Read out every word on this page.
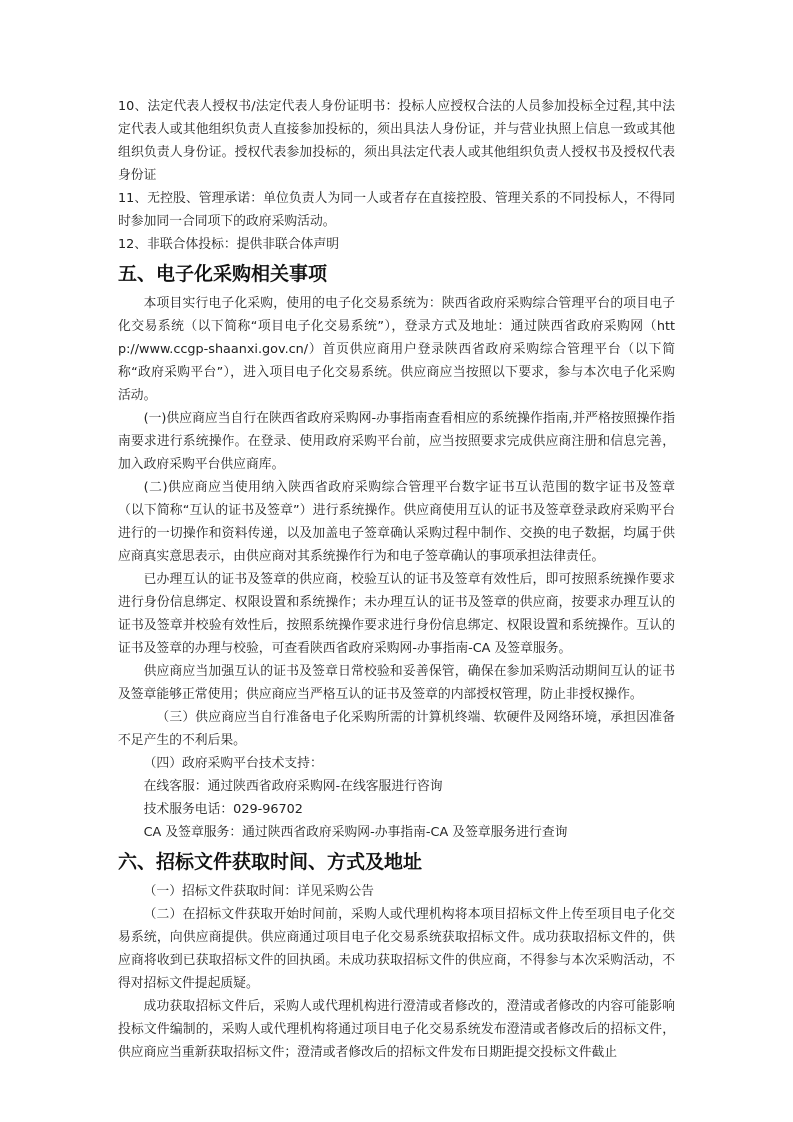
10、法定代表人授权书/法定代表人身份证明书：投标人应授权合法的人员参加投标全过程,其中法定代表人或其他组织负责人直接参加投标的，须出具法人身份证，并与营业执照上信息一致或其他组织负责人身份证。授权代表参加投标的，须出具法定代表人或其他组织负责人授权书及授权代表身份证

11、无控股、管理承诺：单位负责人为同一人或者存在直接控股、管理关系的不同投标人，不得同时参加同一合同项下的政府采购活动。

12、非联合体投标：提供非联合体声明

五、电子化采购相关事项

本项目实行电子化采购，使用的电子化交易系统为：陕西省政府采购综合管理平台的项目电子化交易系统（以下简称“项目电子化交易系统”），登录方式及地址：通过陕西省政府采购网（http://www.ccgp-shaanxi.gov.cn/）首页供应商用户登录陕西省政府采购综合管理平台（以下简称“政府采购平台”），进入项目电子化交易系统。供应商应当按照以下要求，参与本次电子化采购活动。

(一)供应商应当自行在陕西省政府采购网-办事指南查看相应的系统操作指南,并严格按照操作指南要求进行系统操作。在登录、使用政府采购平台前，应当按照要求完成供应商注册和信息完善，加入政府采购平台供应商库。

(二)供应商应当使用纳入陕西省政府采购综合管理平台数字证书互认范围的数字证书及签章（以下简称“互认的证书及签章”）进行系统操作。供应商使用互认的证书及签章登录政府采购平台进行的一切操作和资料传递，以及加盖电子签章确认采购过程中制作、交换的电子数据，均属于供应商真实意思表示，由供应商对其系统操作行为和电子签章确认的事项承担法律责任。

已办理互认的证书及签章的供应商，校验互认的证书及签章有效性后，即可按照系统操作要求进行身份信息绑定、权限设置和系统操作；未办理互认的证书及签章的供应商，按要求办理互认的证书及签章并校验有效性后，按照系统操作要求进行身份信息绑定、权限设置和系统操作。互认的证书及签章的办理与校验，可查看陕西省政府采购网-办事指南-CA 及签章服务。

供应商应当加强互认的证书及签章日常校验和妥善保管，确保在参加采购活动期间互认的证书及签章能够正常使用；供应商应当严格互认的证书及签章的内部授权管理，防止非授权操作。

（三）供应商应当自行准备电子化采购所需的计算机终端、软硬件及网络环境，承担因准备不足产生的不利后果。

（四）政府采购平台技术支持：

在线客服：通过陕西省政府采购网-在线客服进行咨询

技术服务电话：029-96702

CA 及签章服务：通过陕西省政府采购网-办事指南-CA 及签章服务进行查询

六、招标文件获取时间、方式及地址

（一）招标文件获取时间：详见采购公告

（二）在招标文件获取开始时间前，采购人或代理机构将本项目招标文件上传至项目电子化交易系统，向供应商提供。供应商通过项目电子化交易系统获取招标文件。成功获取招标文件的，供应商将收到已获取招标文件的回执函。未成功获取招标文件的供应商，不得参与本次采购活动，不得对招标文件提起质疑。

成功获取招标文件后，采购人或代理机构进行澄清或者修改的，澄清或者修改的内容可能影响投标文件编制的，采购人或代理机构将通过项目电子化交易系统发布澄清或者修改后的招标文件，供应商应当重新获取招标文件；澄清或者修改后的招标文件发布日期距提交投标文件截止
